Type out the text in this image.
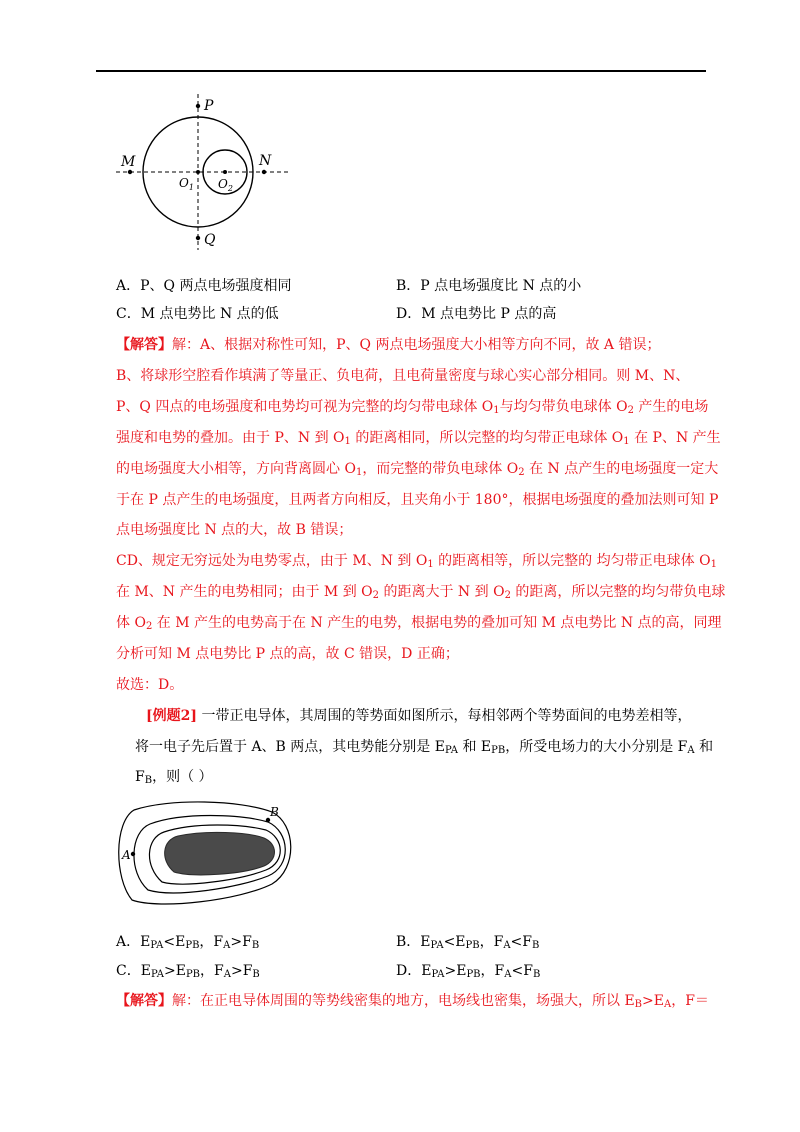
P
Q
M	N
$O_1$ $O_2$
A．P、Q 两点电场强度相同	B．P 点电场强度比 N 点的小
C．M 点电势比 N 点的低	D．M 点电势比 P 点的高
【解答】解：A、根据对称性可知，P、Q 两点电场强度大小相等方向不同，故 A 错误；
B、将球形空腔看作填满了等量正、负电荷，且电荷量密度与球心实心部分相同。则 M、N、
P、Q 四点的电场强度和电势均可视为完整的均匀带电球体 $O_1$与均匀带负电球体 $O_2$ 产生的电场
强度和电势的叠加。由于 P、N 到 $O_1$ 的距离相同，所以完整的均匀带正电球体 $O_1$ 在 P、N 产生
的电场强度大小相等，方向背离圆心 $O_1$，而完整的带负电球体 $O_2$ 在 N 点产生的电场强度一定大
于在 P 点产生的电场强度，且两者方向相反，且夹角小于 180°，根据电场强度的叠加法则可知 P
点电场强度比 N 点的大，故 B 错误；
CD、规定无穷远处为电势零点，由于 M、N 到 $O_1$ 的距离相等，所以完整的 均匀带正电球体 $O_1$
在 M、N 产生的电势相同；由于 M 到 $O_2$ 的距离大于 N 到 $O_2$ 的距离，所以完整的均匀带负电球
体 $O_2$ 在 M 产生的电势高于在 N 产生的电势，根据电势的叠加可知 M 点电势比 N 点的高，同理
分析可知 M 点电势比 P 点的高，故 C 错误，D 正确；
故选：D。
[例题2] 一带正电导体，其周围的等势面如图所示，每相邻两个等势面间的电势差相等，
将一电子先后置于 A、B 两点，其电势能分别是 $E_{PA}$ 和 $E_{PB}$，所受电场力的大小分别是 $F_A$ 和
$F_B$，则（ ）
A
B
A．$E_{PA}<E_{PB}$，$F_A>F_B$	B．$E_{PA}<E_{PB}$，$F_A<F_B$
C．$E_{PA}>E_{PB}$，$F_A>F_B$	D．$E_{PA}>E_{PB}$，$F_A<F_B$
【解答】解：在正电导体周围的等势线密集的地方，电场线也密集，场强大，所以 $E_B>E_A$，F＝
